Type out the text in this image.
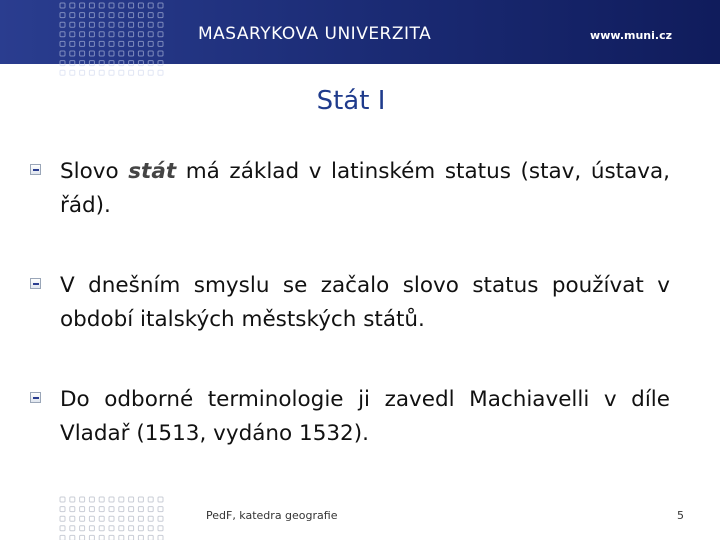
MASARYKOVA UNIVERZITA	www.muni.cz
Stát I
Slovo stát má základ v latinském status (stav, ústava, řád).
V dnešním smyslu se začalo slovo status používat v období italských městských států.
Do odborné terminologie ji zavedl Machiavelli v díle Vladař (1513, vydáno 1532).
PedF, katedra geografie	5
